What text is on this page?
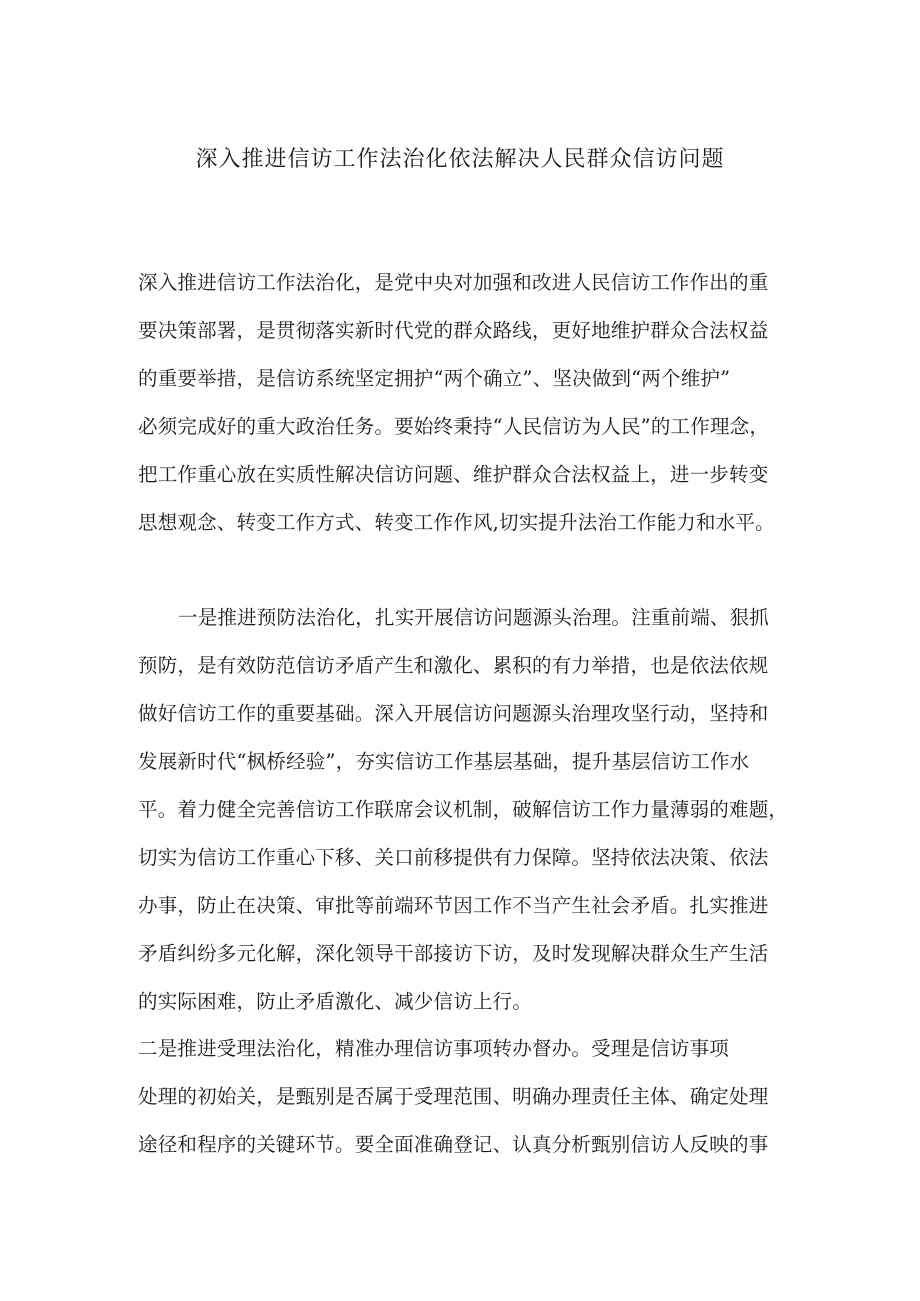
深入推进信访工作法治化依法解决人民群众信访问题
深入推进信访工作法治化，是党中央对加强和改进人民信访工作作出的重
要决策部署，是贯彻落实新时代党的群众路线，更好地维护群众合法权益
的重要举措，是信访系统坚定拥护“两个确立”、坚决做到“两个维护”
必须完成好的重大政治任务。要始终秉持“人民信访为人民”的工作理念，
把工作重心放在实质性解决信访问题、维护群众合法权益上，进一步转变
思想观念、转变工作方式、转变工作作风,切实提升法治工作能力和水平。
一是推进预防法治化，扎实开展信访问题源头治理。注重前端、狠抓
预防，是有效防范信访矛盾产生和激化、累积的有力举措，也是依法依规
做好信访工作的重要基础。深入开展信访问题源头治理攻坚行动，坚持和
发展新时代“枫桥经验”，夯实信访工作基层基础，提升基层信访工作水
平。着力健全完善信访工作联席会议机制，破解信访工作力量薄弱的难题，
切实为信访工作重心下移、关口前移提供有力保障。坚持依法决策、依法
办事，防止在决策、审批等前端环节因工作不当产生社会矛盾。扎实推进
矛盾纠纷多元化解，深化领导干部接访下访，及时发现解决群众生产生活
的实际困难，防止矛盾激化、减少信访上行。
二是推进受理法治化，精准办理信访事项转办督办。受理是信访事项
处理的初始关，是甄别是否属于受理范围、明确办理责任主体、确定处理
途径和程序的关键环节。要全面准确登记、认真分析甄别信访人反映的事
